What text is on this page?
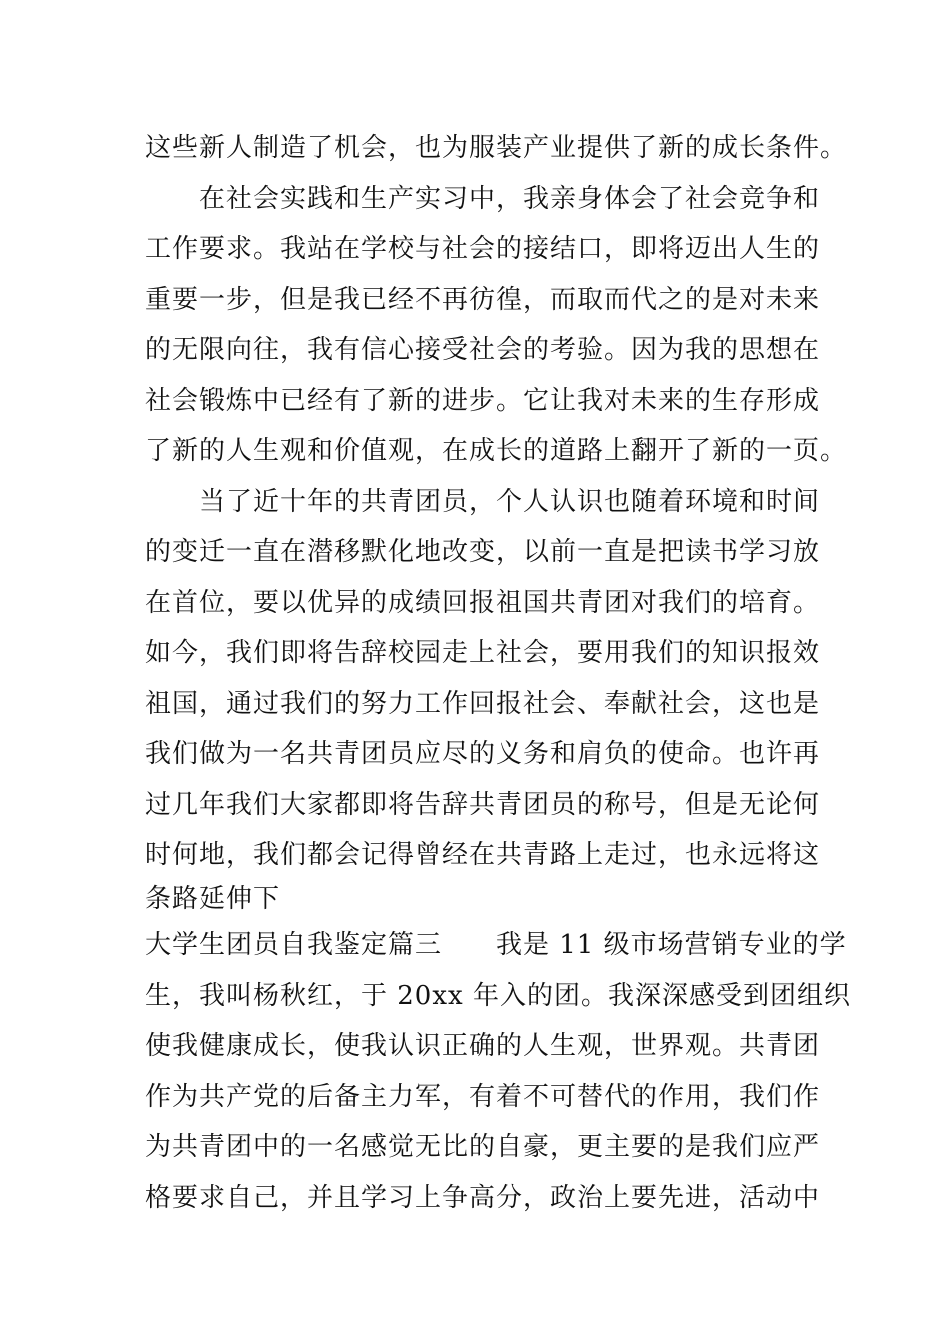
这些新人制造了机会，也为服装产业提供了新的成长条件。
　　在社会实践和生产实习中，我亲身体会了社会竞争和
工作要求。我站在学校与社会的接结口，即将迈出人生的
重要一步，但是我已经不再彷徨，而取而代之的是对未来
的无限向往，我有信心接受社会的考验。因为我的思想在
社会锻炼中已经有了新的进步。它让我对未来的生存形成
了新的人生观和价值观，在成长的道路上翻开了新的一页。
　　当了近十年的共青团员，个人认识也随着环境和时间
的变迁一直在潜移默化地改变，以前一直是把读书学习放
在首位，要以优异的成绩回报祖国共青团对我们的培育。
如今，我们即将告辞校园走上社会，要用我们的知识报效
祖国，通过我们的努力工作回报社会、奉献社会，这也是
我们做为一名共青团员应尽的义务和肩负的使命。也许再
过几年我们大家都即将告辞共青团员的称号，但是无论何
时何地，我们都会记得曾经在共青路上走过，也永远将这
条路延伸下
大学生团员自我鉴定篇三　　我是 11 级市场营销专业的学
生，我叫杨秋红，于 20xx 年入的团。我深深感受到团组织
使我健康成长，使我认识正确的人生观，世界观。共青团
作为共产党的后备主力军，有着不可替代的作用，我们作
为共青团中的一名感觉无比的自豪，更主要的是我们应严
格要求自己，并且学习上争高分，政治上要先进，活动中
